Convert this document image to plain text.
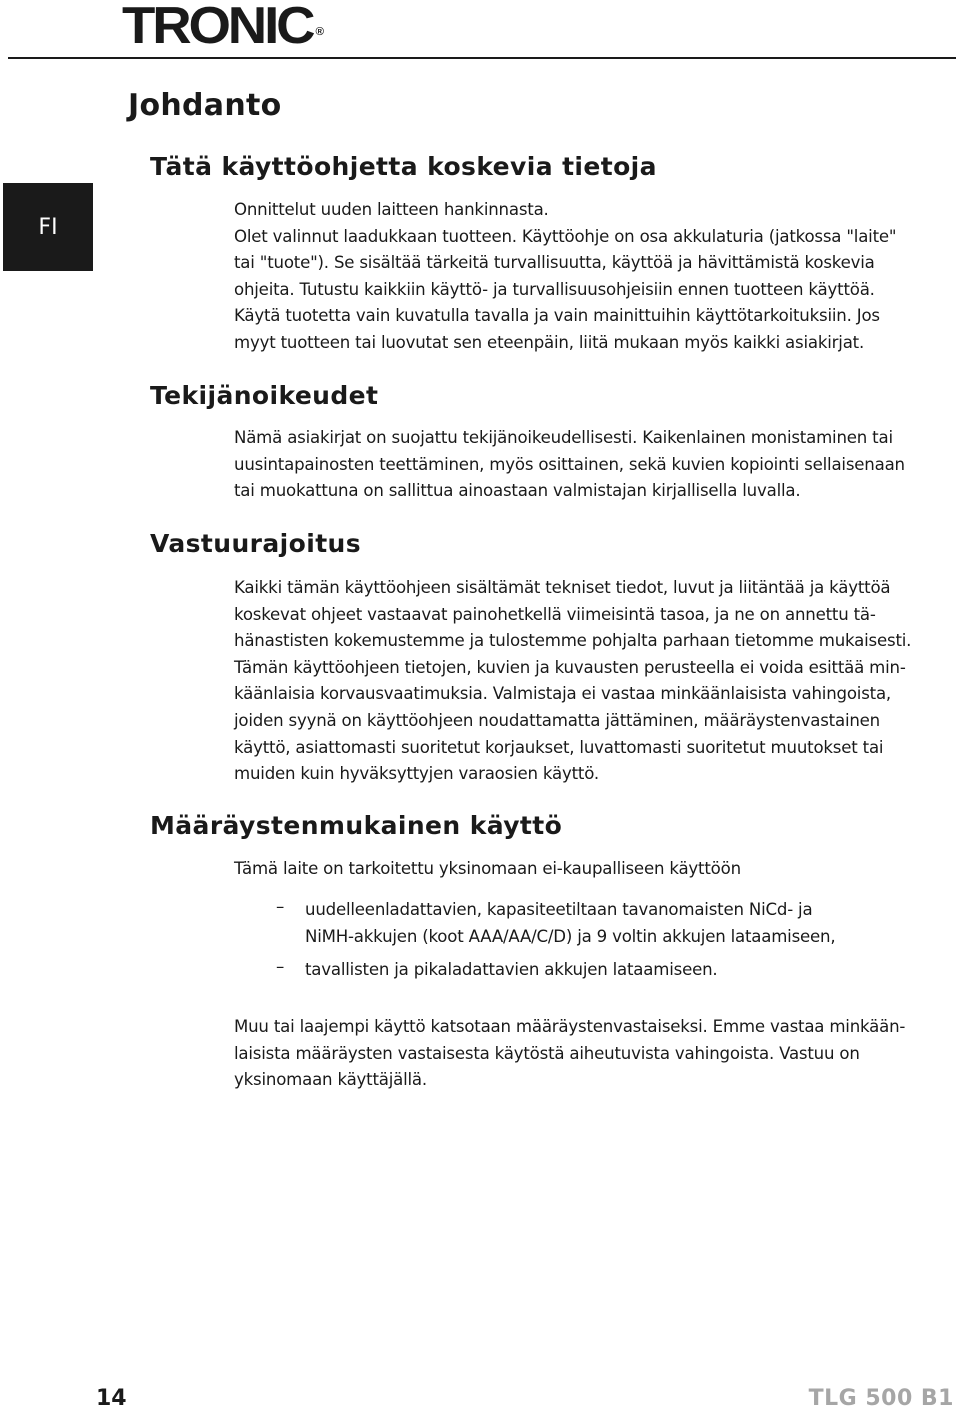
TRONIC ®
FI
Johdanto
Tätä käyttöohjetta koskevia tietoja
Onnittelut uuden laitteen hankinnasta.
Olet valinnut laadukkaan tuotteen. Käyttöohje on osa akkulaturia (jatkossa "laite"
tai "tuote"). Se sisältää tärkeitä turvallisuutta, käyttöä ja hävittämistä koskevia
ohjeita. Tutustu kaikkiin käyttö- ja turvallisuusohjeisiin ennen tuotteen käyttöä.
Käytä tuotetta vain kuvatulla tavalla ja vain mainittuihin käyttötarkoituksiin. Jos
myyt tuotteen tai luovutat sen eteenpäin, liitä mukaan myös kaikki asiakirjat.
Tekijänoikeudet
Nämä asiakirjat on suojattu tekijänoikeudellisesti. Kaikenlainen monistaminen tai
uusintapainosten teettäminen, myös osittainen, sekä kuvien kopiointi sellaisenaan
tai muokattuna on sallittua ainoastaan valmistajan kirjallisella luvalla.
Vastuurajoitus
Kaikki tämän käyttöohjeen sisältämät tekniset tiedot, luvut ja liitäntää ja käyttöä
koskevat ohjeet vastaavat painohetkellä viimeisintä tasoa, ja ne on annettu tä-
hänastisten kokemustemme ja tulostemme pohjalta parhaan tietomme mukaisesti.
Tämän käyttöohjeen tietojen, kuvien ja kuvausten perusteella ei voida esittää min-
käänlaisia korvausvaatimuksia. Valmistaja ei vastaa minkäänlaisista vahingoista,
joiden syynä on käyttöohjeen noudattamatta jättäminen, määräystenvastainen
käyttö, asiattomasti suoritetut korjaukset, luvattomasti suoritetut muutokset tai
muiden kuin hyväksyttyjen varaosien käyttö.
Määräystenmukainen käyttö
Tämä laite on tarkoitettu yksinomaan ei-kaupalliseen käyttöön
– uudelleenladattavien, kapasiteetiltaan tavanomaisten NiCd- ja
NiMH-akkujen (koot AAA/AA/C/D) ja 9 voltin akkujen lataamiseen,
– tavallisten ja pikaladattavien akkujen lataamiseen.
Muu tai laajempi käyttö katsotaan määräystenvastaiseksi. Emme vastaa minkään-
laisista määräysten vastaisesta käytöstä aiheutuvista vahingoista. Vastuu on
yksinomaan käyttäjällä.
14	TLG 500 B1
